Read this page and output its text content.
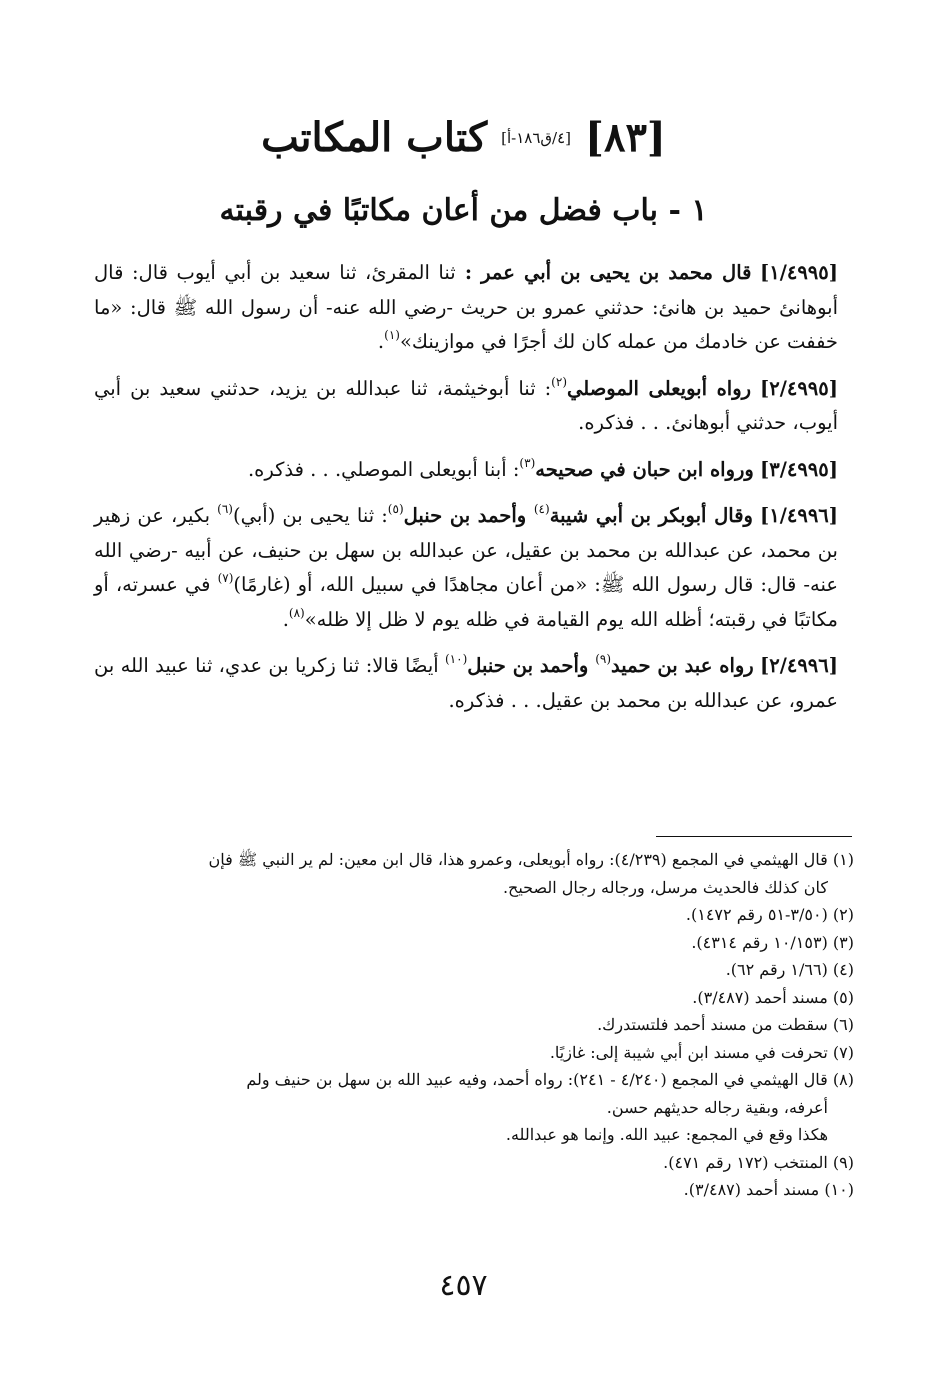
[٨٣][٤/ق١٨٦-أ]كتاب المكاتب
١ - باب فضل من أعان مكاتبًا في رقبته

[١/٤٩٩٥] قال محمد بن يحيى بن أبي عمر : ثنا المقرئ، ثنا سعيد بن أبي أيوب قال: قال أبوهانئ حميد بن هانئ: حدثني عمرو بن حريث -رضي الله عنه- أن رسول الله ﷺ قال: «ما خففت عن خادمك من عمله كان لك أجرًا في موازينك»$^{(١)}$.

[٢/٤٩٩٥] رواه أبويعلى الموصلي$^{(٢)}$: ثنا أبوخيثمة، ثنا عبدالله بن يزيد، حدثني سعيد بن أبي أيوب، حدثني أبوهانئ. . . فذكره.

[٣/٤٩٩٥] ورواه ابن حبان في صحيحه$^{(٣)}$: أبنا أبويعلى الموصلي. . . فذكره.

[١/٤٩٩٦] وقال أبوبكر بن أبي شيبة$^{(٤)}$ وأحمد بن حنبل$^{(٥)}$: ثنا يحيى بن (أبي)$^{(٦)}$ بكير، عن زهير بن محمد، عن عبدالله بن محمد بن عقيل، عن عبدالله بن سهل بن حنيف، عن أبيه -رضي الله عنه- قال: قال رسول الله ﷺ: «من أعان مجاهدًا في سبيل الله، أو (غارمًا)$^{(٧)}$ في عسرته، أو مكاتبًا في رقبته؛ أظله الله يوم القيامة في ظله يوم لا ظل إلا ظله»$^{(٨)}$.

[٢/٤٩٩٦] رواه عبد بن حميد$^{(٩)}$ وأحمد بن حنبل$^{(١٠)}$ أيضًا قالا: ثنا زكريا بن عدي، ثنا عبيد الله بن عمرو، عن عبدالله بن محمد بن عقيل. . . فذكره.

(١) قال الهيثمي في المجمع (٤/٢٣٩): رواه أبويعلى، وعمرو هذا، قال ابن معين: لم ير النبي ﷺ فإن
كان كذلك فالحديث مرسل، ورجاله رجال الصحيح.
(٢) (٣/٥٠-٥١ رقم ١٤٧٢).
(٣) (١٠/١٥٣ رقم ٤٣١٤).
(٤) (١/٦٦ رقم ٦٢).
(٥) مسند أحمد (٣/٤٨٧).
(٦) سقطت من مسند أحمد فلتستدرك.
(٧) تحرفت في مسند ابن أبي شيبة إلى: غازيًا.
(٨) قال الهيثمي في المجمع (٤/٢٤٠ - ٢٤١): رواه أحمد، وفيه عبيد الله بن سهل بن حنيف ولم
أعرفه، وبقية رجاله حديثهم حسن.
هكذا وقع في المجمع: عبيد الله. وإنما هو عبدالله.
(٩) المنتخب (١٧٢ رقم ٤٧١).
(١٠) مسند أحمد (٣/٤٨٧).
٤٥٧
